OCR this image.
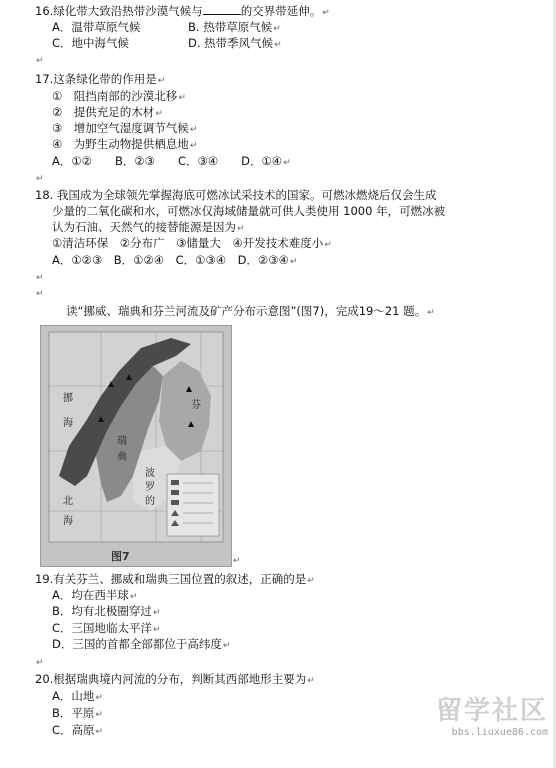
16.绿化带大致沿热带沙漠气候与	的交界带延伸。↵
A．温带草原气候	B. 热带草原气候↵
C．地中海气候	D. 热带季风气候↵
↵
17.这条绿化带的作用是↵
①　阻挡南部的沙漠北移↵
②　提供充足的木材↵
③　增加空气湿度调节气候↵
④　为野生动物提供栖息地↵
A．①②　　B．②③　　C．③④　　D．①④↵
↵
18. 我国成为全球领先掌握海底可燃冰试采技术的国家。可燃冰燃烧后仅会生成
少量的二氧化碳和水，可燃冰仅海域储量就可供人类使用 1000 年，可燃冰被
认为石油、天然气的接替能源是因为↵
①清洁环保　②分布广　③储量大　④开发技术难度小↵
A．①②③　B．①②④　C．①③④　D．②③④↵
↵
↵
读“挪威、瑞典和芬兰河流及矿产分布示意图”(图7)，完成19～21 题。↵
挪
海
北
海
瑞
典
芬
波
罗
的
图7	↵
19.有关芬兰、挪威和瑞典三国位置的叙述，正确的是↵
A．均在西半球↵
B．均有北极圈穿过↵
C．三国地临太平洋↵
D．三国的首都全部都位于高纬度↵
↵
20.根据瑞典境内河流的分布，判断其西部地形主要为↵
A．山地↵
B．平原↵
C．高原↵
留学社区
bbs.liuxue86.com
